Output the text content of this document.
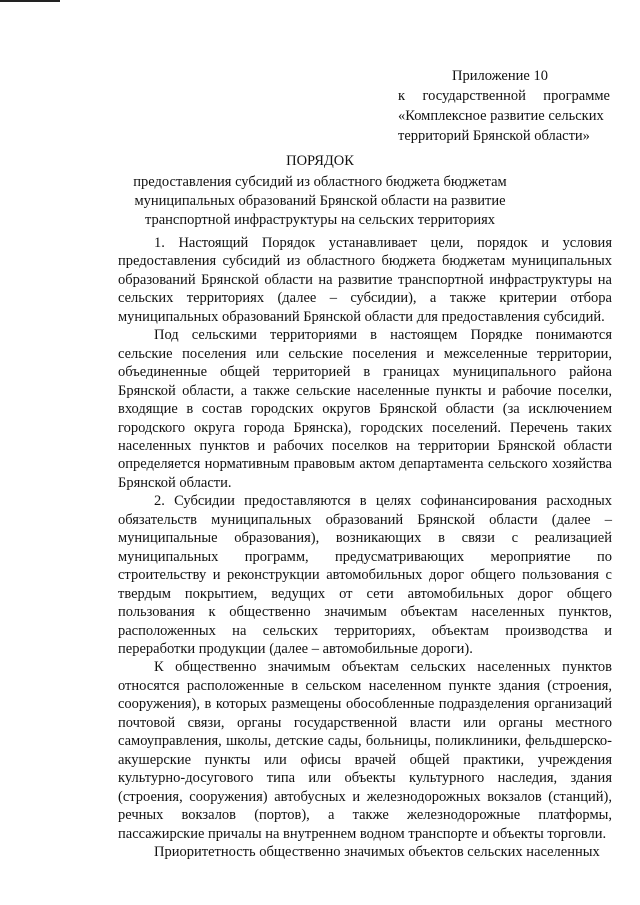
Приложение 10
к государственной программе
«Комплексное развитие сельских
территорий Брянской области»
ПОРЯДОК
предоставления субсидий из областного бюджета бюджетам муниципальных образований Брянской области на развитие транспортной инфраструктуры на сельских территориях

1. Настоящий Порядок устанавливает цели, порядок и условия предоставления субсидий из областного бюджета бюджетам муниципальных образований Брянской области на развитие транспортной инфраструктуры на сельских территориях (далее – субсидии), а также критерии отбора муниципальных образований Брянской области для предоставления субсидий.

Под сельскими территориями в настоящем Порядке понимаются сельские поселения или сельские поселения и межселенные территории, объединенные общей территорией в границах муниципального района Брянской области, а также сельские населенные пункты и рабочие поселки, входящие в состав городских округов Брянской области (за исключением городского округа города Брянска), городских поселений. Перечень таких населенных пунктов и рабочих поселков на территории Брянской области определяется нормативным правовым актом департамента сельского хозяйства Брянской области.

2. Субсидии предоставляются в целях софинансирования расходных обязательств муниципальных образований Брянской области (далее – муниципальные образования), возникающих в связи с реализацией муниципальных программ, предусматривающих мероприятие по строительству и реконструкции автомобильных дорог общего пользования с твердым покрытием, ведущих от сети автомобильных дорог общего пользования к общественно значимым объектам населенных пунктов, расположенных на сельских территориях, объектам производства и переработки продукции (далее – автомобильные дороги).

К общественно значимым объектам сельских населенных пунктов относятся расположенные в сельском населенном пункте здания (строения, сооружения), в которых размещены обособленные подразделения организаций почтовой связи, органы государственной власти или органы местного самоуправления, школы, детские сады, больницы, поликлиники, фельдшерско-акушерские пункты или офисы врачей общей практики, учреждения культурно-досугового типа или объекты культурного наследия, здания (строения, сооружения) автобусных и железнодорожных вокзалов (станций), речных вокзалов (портов), а также железнодорожные платформы, пассажирские причалы на внутреннем водном транспорте и объекты торговли.

Приоритетность общественно значимых объектов сельских населенных
